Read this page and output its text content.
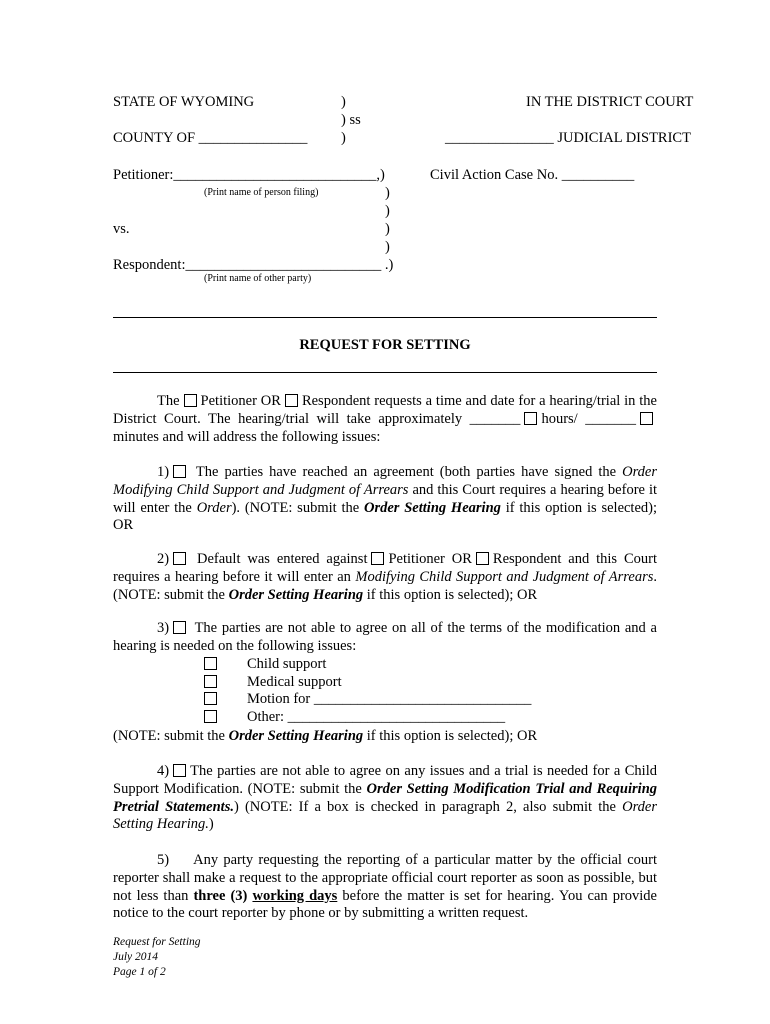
STATE OF WYOMING	)
) ss
)
COUNTY OF _______________
IN THE DISTRICT COURT
_______________ JUDICIAL DISTRICT
Petitioner:____________________________,)
(Print name of person filing)
Civil Action Case No. __________
)
)
)
)
vs.
Respondent:___________________________ .)
(Print name of other party)
REQUEST FOR SETTING

The Petitioner OR Respondent requests a time and date for a hearing/trial in the District Court. The hearing/trial will take approximately _______ hours/ _______minutes and will address the following issues:

1) The parties have reached an agreement (both parties have signed the Order Modifying Child Support and Judgment of Arrears and this Court requires a hearing before it will enter the Order). (NOTE: submit the Order Setting Hearing if this option is selected); OR

2) Default was entered against Petitioner OR Respondent and this Court requires a hearing before it will enter an Modifying Child Support and Judgment of Arrears. (NOTE: submit the Order Setting Hearing if this option is selected); OR

3) The parties are not able to agree on all of the terms of the modification and a hearing is needed on the following issues:

Child support
Medical support
Motion for ______________________________
Other: ______________________________
(NOTE: submit the Order Setting Hearing if this option is selected); OR

4) The parties are not able to agree on any issues and a trial is needed for a Child Support Modification. (NOTE: submit the Order Setting Modification Trial and Requiring Pretrial Statements.) (NOTE: If a box is checked in paragraph 2, also submit the Order Setting Hearing.)

5) Any party requesting the reporting of a particular matter by the official court reporter shall make a request to the appropriate official court reporter as soon as possible, but not less than three (3) working days before the matter is set for hearing. You can provide notice to the court reporter by phone or by submitting a written request.

Request for Setting
July 2014
Page 1 of 2
